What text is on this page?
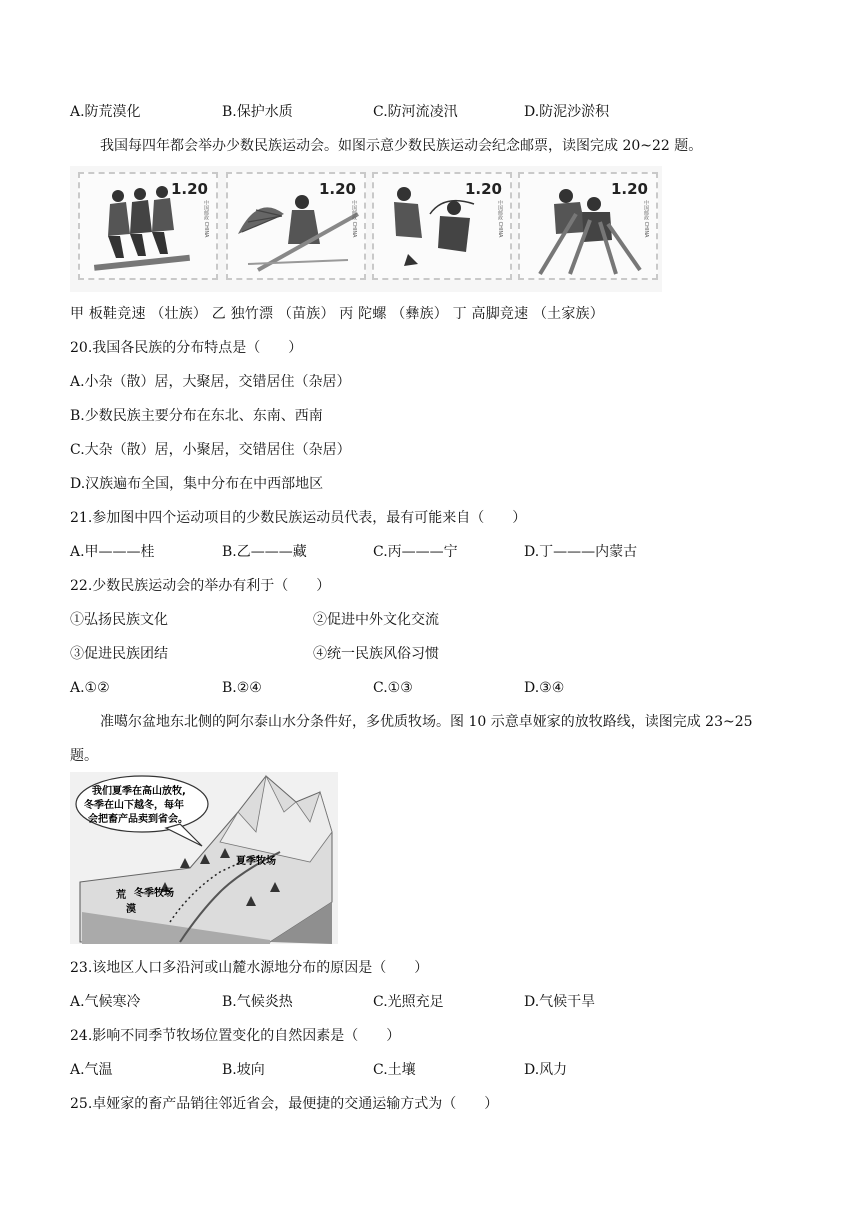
A.防荒漠化	B.保护水质	C.防河流凌汛	D.防泥沙淤积
我国每四年都会举办少数民族运动会。如图示意少数民族运动会纪念邮票，读图完成 20~22 题。
1.20
中国邮政 CHINA
1.20
中国邮政 CHINA
1.20
中国邮政 CHINA
1.20
中国邮政 CHINA
甲 板鞋竞速 （壮族） 乙 独竹漂 （苗族） 丙 陀螺 （彝族） 丁 高脚竞速 （土家族）
20.我国各民族的分布特点是（　　）
A.小杂（散）居，大聚居，交错居住（杂居）
B.少数民族主要分布在东北、东南、西南
C.大杂（散）居，小聚居，交错居住（杂居）
D.汉族遍布全国，集中分布在中西部地区
21.参加图中四个运动项目的少数民族运动员代表，最有可能来自（　　）
A.甲———桂	B.乙———藏	C.丙———宁	D.丁———内蒙古
22.少数民族运动会的举办有利于（　　）
①弘扬民族文化	②促进中外文化交流
③促进民族团结	④统一民族风俗习惯
A.①②	B.②④	C.①③	D.③④
准噶尔盆地东北侧的阿尔泰山水分条件好，多优质牧场。图 10 示意卓娅家的放牧路线，读图完成 23~25
题。
我们夏季在高山放牧,
冬季在山下越冬，每年
会把畜产品卖到省会。
夏季牧场
冬季牧场
荒
漠
23.该地区人口多沿河或山麓水源地分布的原因是（　　）
A.气候寒冷	B.气候炎热	C.光照充足	D.气候干旱
24.影响不同季节牧场位置变化的自然因素是（　　）
A.气温	B.坡向	C.土壤	D.风力
25.卓娅家的畜产品销往邻近省会，最便捷的交通运输方式为（　　）
